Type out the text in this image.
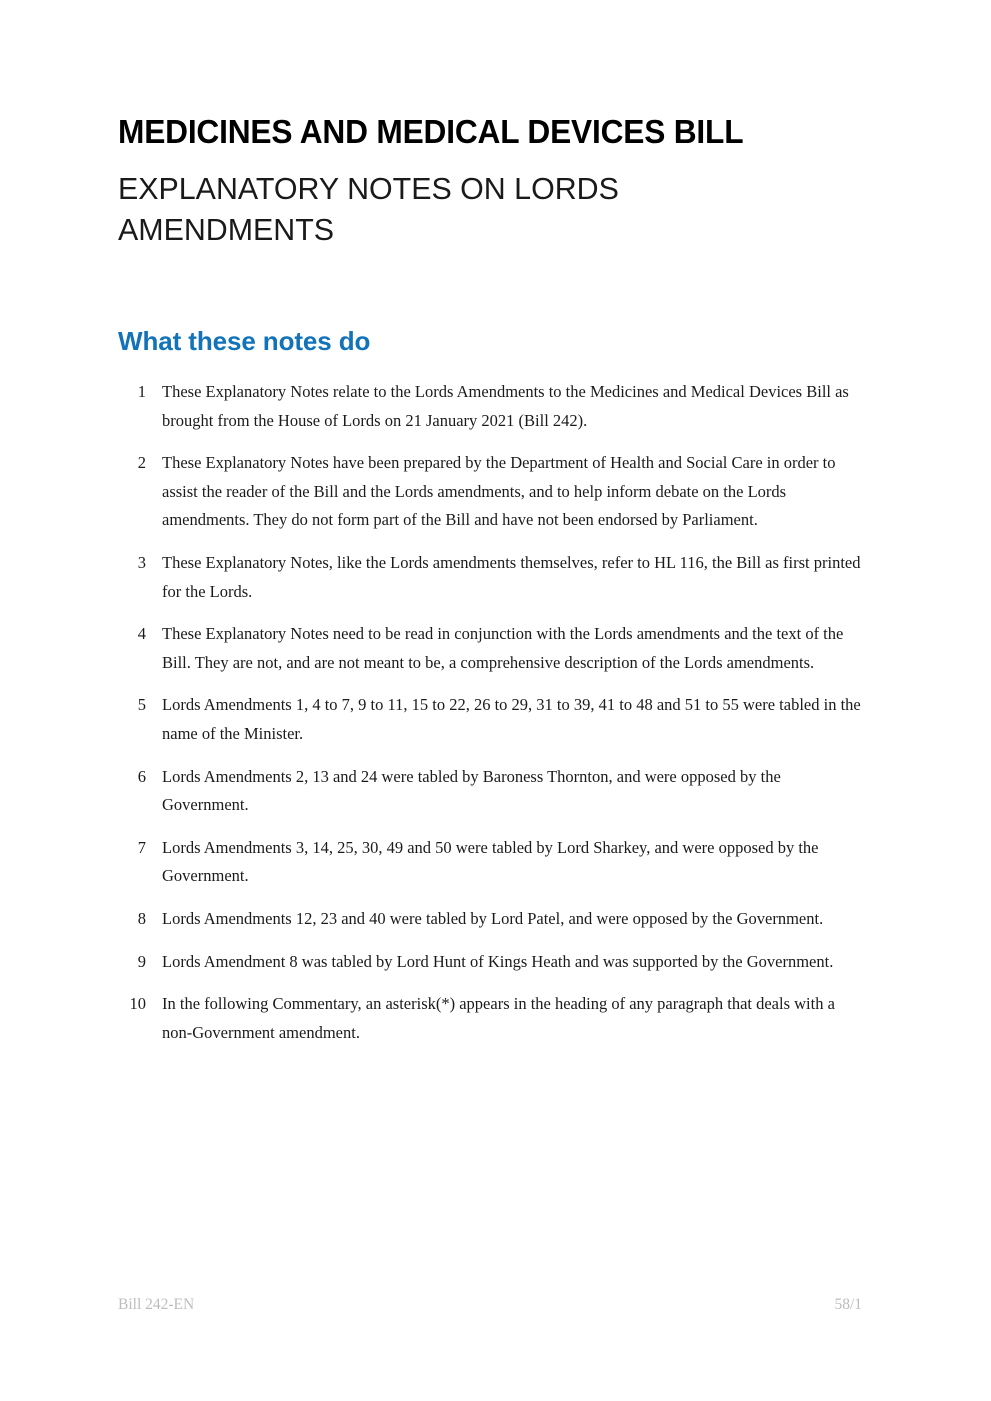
MEDICINES AND MEDICAL DEVICES BILL
EXPLANATORY NOTES ON LORDS AMENDMENTS
What these notes do
1 These Explanatory Notes relate to the Lords Amendments to the Medicines and Medical Devices Bill as brought from the House of Lords on 21 January 2021 (Bill 242).
2 These Explanatory Notes have been prepared by the Department of Health and Social Care in order to assist the reader of the Bill and the Lords amendments, and to help inform debate on the Lords amendments. They do not form part of the Bill and have not been endorsed by Parliament.
3 These Explanatory Notes, like the Lords amendments themselves, refer to HL 116, the Bill as first printed for the Lords.
4 These Explanatory Notes need to be read in conjunction with the Lords amendments and the text of the Bill. They are not, and are not meant to be, a comprehensive description of the Lords amendments.
5 Lords Amendments 1, 4 to 7, 9 to 11, 15 to 22, 26 to 29, 31 to 39, 41 to 48 and 51 to 55 were tabled in the name of the Minister.
6 Lords Amendments 2, 13 and 24 were tabled by Baroness Thornton, and were opposed by the Government.
7 Lords Amendments 3, 14, 25, 30, 49 and 50 were tabled by Lord Sharkey, and were opposed by the Government.
8 Lords Amendments 12, 23 and 40 were tabled by Lord Patel, and were opposed by the Government.
9 Lords Amendment 8 was tabled by Lord Hunt of Kings Heath and was supported by the Government.
10 In the following Commentary, an asterisk(*) appears in the heading of any paragraph that deals with a non-Government amendment.
Bill 242-EN	58/1
